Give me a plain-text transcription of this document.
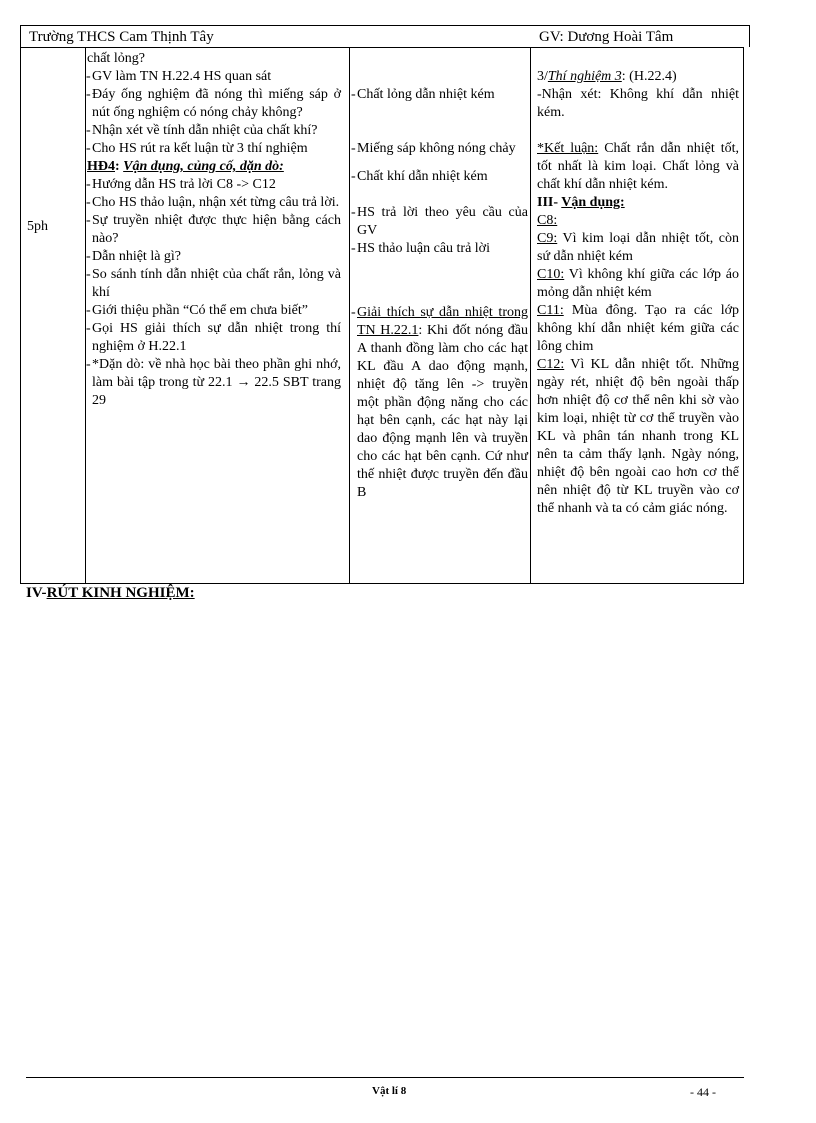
Trường THCS Cam Thịnh Tây	GV: Dương Hoài Tâm
5ph
chất lỏng?
- GV làm TN H.22.4 HS quan sát
- Đáy ống nghiệm đã nóng thì miếng sáp ở nút ống nghiệm có nóng chảy không?
- Nhận xét về tính dẫn nhiệt của chất khí?
- Cho HS rút ra kết luận từ 3 thí nghiệm
HĐ4: Vận dụng, củng cố, dặn dò:
- Hướng dẫn HS trả lời C8 -> C12
- Cho HS thảo luận, nhận xét từng câu trả lời.
- Sự truyền nhiệt được thực hiện bằng cách nào?
- Dẫn nhiệt là gì?
- So sánh tính dẫn nhiệt của chất rắn, lỏng và khí
- Giới thiệu phần “Có thể em chưa biết”
- Gọi HS giải thích sự dẫn nhiệt trong thí nghiệm ở H.22.1
- *Dặn dò: về nhà học bài theo phần ghi nhớ, làm bài tập trong từ 22.1 → 22.5 SBT trang 29
- Chất lỏng dẫn nhiệt kém
- Miếng sáp không nóng chảy
- Chất khí dẫn nhiệt kém
- HS trả lời theo yêu cầu của GV
- HS thảo luận câu trả lời
- Giải thích sự dẫn nhiệt trong TN H.22.1: Khi đốt nóng đầu A thanh đồng làm cho các hạt KL đầu A dao động mạnh, nhiệt độ tăng lên -> truyền một phần động năng cho các hạt bên cạnh, các hạt này lại dao động mạnh lên và truyền cho các hạt bên cạnh. Cứ như thế nhiệt được truyền đến đầu B
3/Thí nghiệm 3: (H.22.4)
-Nhận xét: Không khí dẫn nhiệt kém.
*Kết luận: Chất rắn dẫn nhiệt tốt, tốt nhất là kim loại. Chất lỏng và chất khí dẫn nhiệt kém.
III- Vận dụng:
C8:
C9: Vì kim loại dẫn nhiệt tốt, còn sứ dẫn nhiệt kém
C10: Vì không khí giữa các lớp áo mỏng dẫn nhiệt kém
C11: Mùa đông. Tạo ra các lớp không khí dẫn nhiệt kém giữa các lông chim
C12: Vì KL dẫn nhiệt tốt. Những ngày rét, nhiệt độ bên ngoài thấp hơn nhiệt độ cơ thể nên khi sờ vào kim loại, nhiệt từ cơ thể truyền vào KL và phân tán nhanh trong KL nên ta cảm thấy lạnh. Ngày nóng, nhiệt độ bên ngoài cao hơn cơ thể nên nhiệt độ từ KL truyền vào cơ thể nhanh và ta có cảm giác nóng.
IV-RÚT KINH NGHIỆM:
Vật lí 8	- 44 -
